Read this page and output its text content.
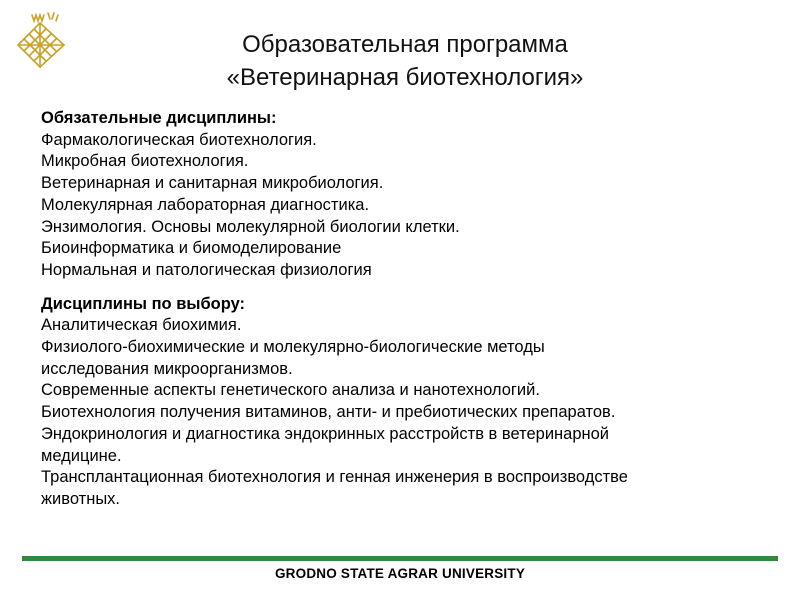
Образовательная программа
«Ветеринарная биотехнология»
Обязательные дисциплины:
Фармакологическая биотехнология.
Микробная биотехнология.
Ветеринарная и санитарная микробиология.
Молекулярная лабораторная диагностика.
Энзимология. Основы молекулярной биологии клетки.
Биоинформатика и биомоделирование
Нормальная и патологическая физиология
Дисциплины по выбору:
Аналитическая биохимия.
Физиолого-биохимические и молекулярно-биологические методы
исследования микроорганизмов.
Современные аспекты генетического анализа и нанотехнологий.
Биотехнология получения витаминов, анти- и пребиотических препаратов.
Эндокринология и диагностика эндокринных расстройств в ветеринарной
медицине.
Трансплантационная биотехнология и генная инженерия в воспроизводстве
животных.
GRODNO STATE AGRAR UNIVERSITY
